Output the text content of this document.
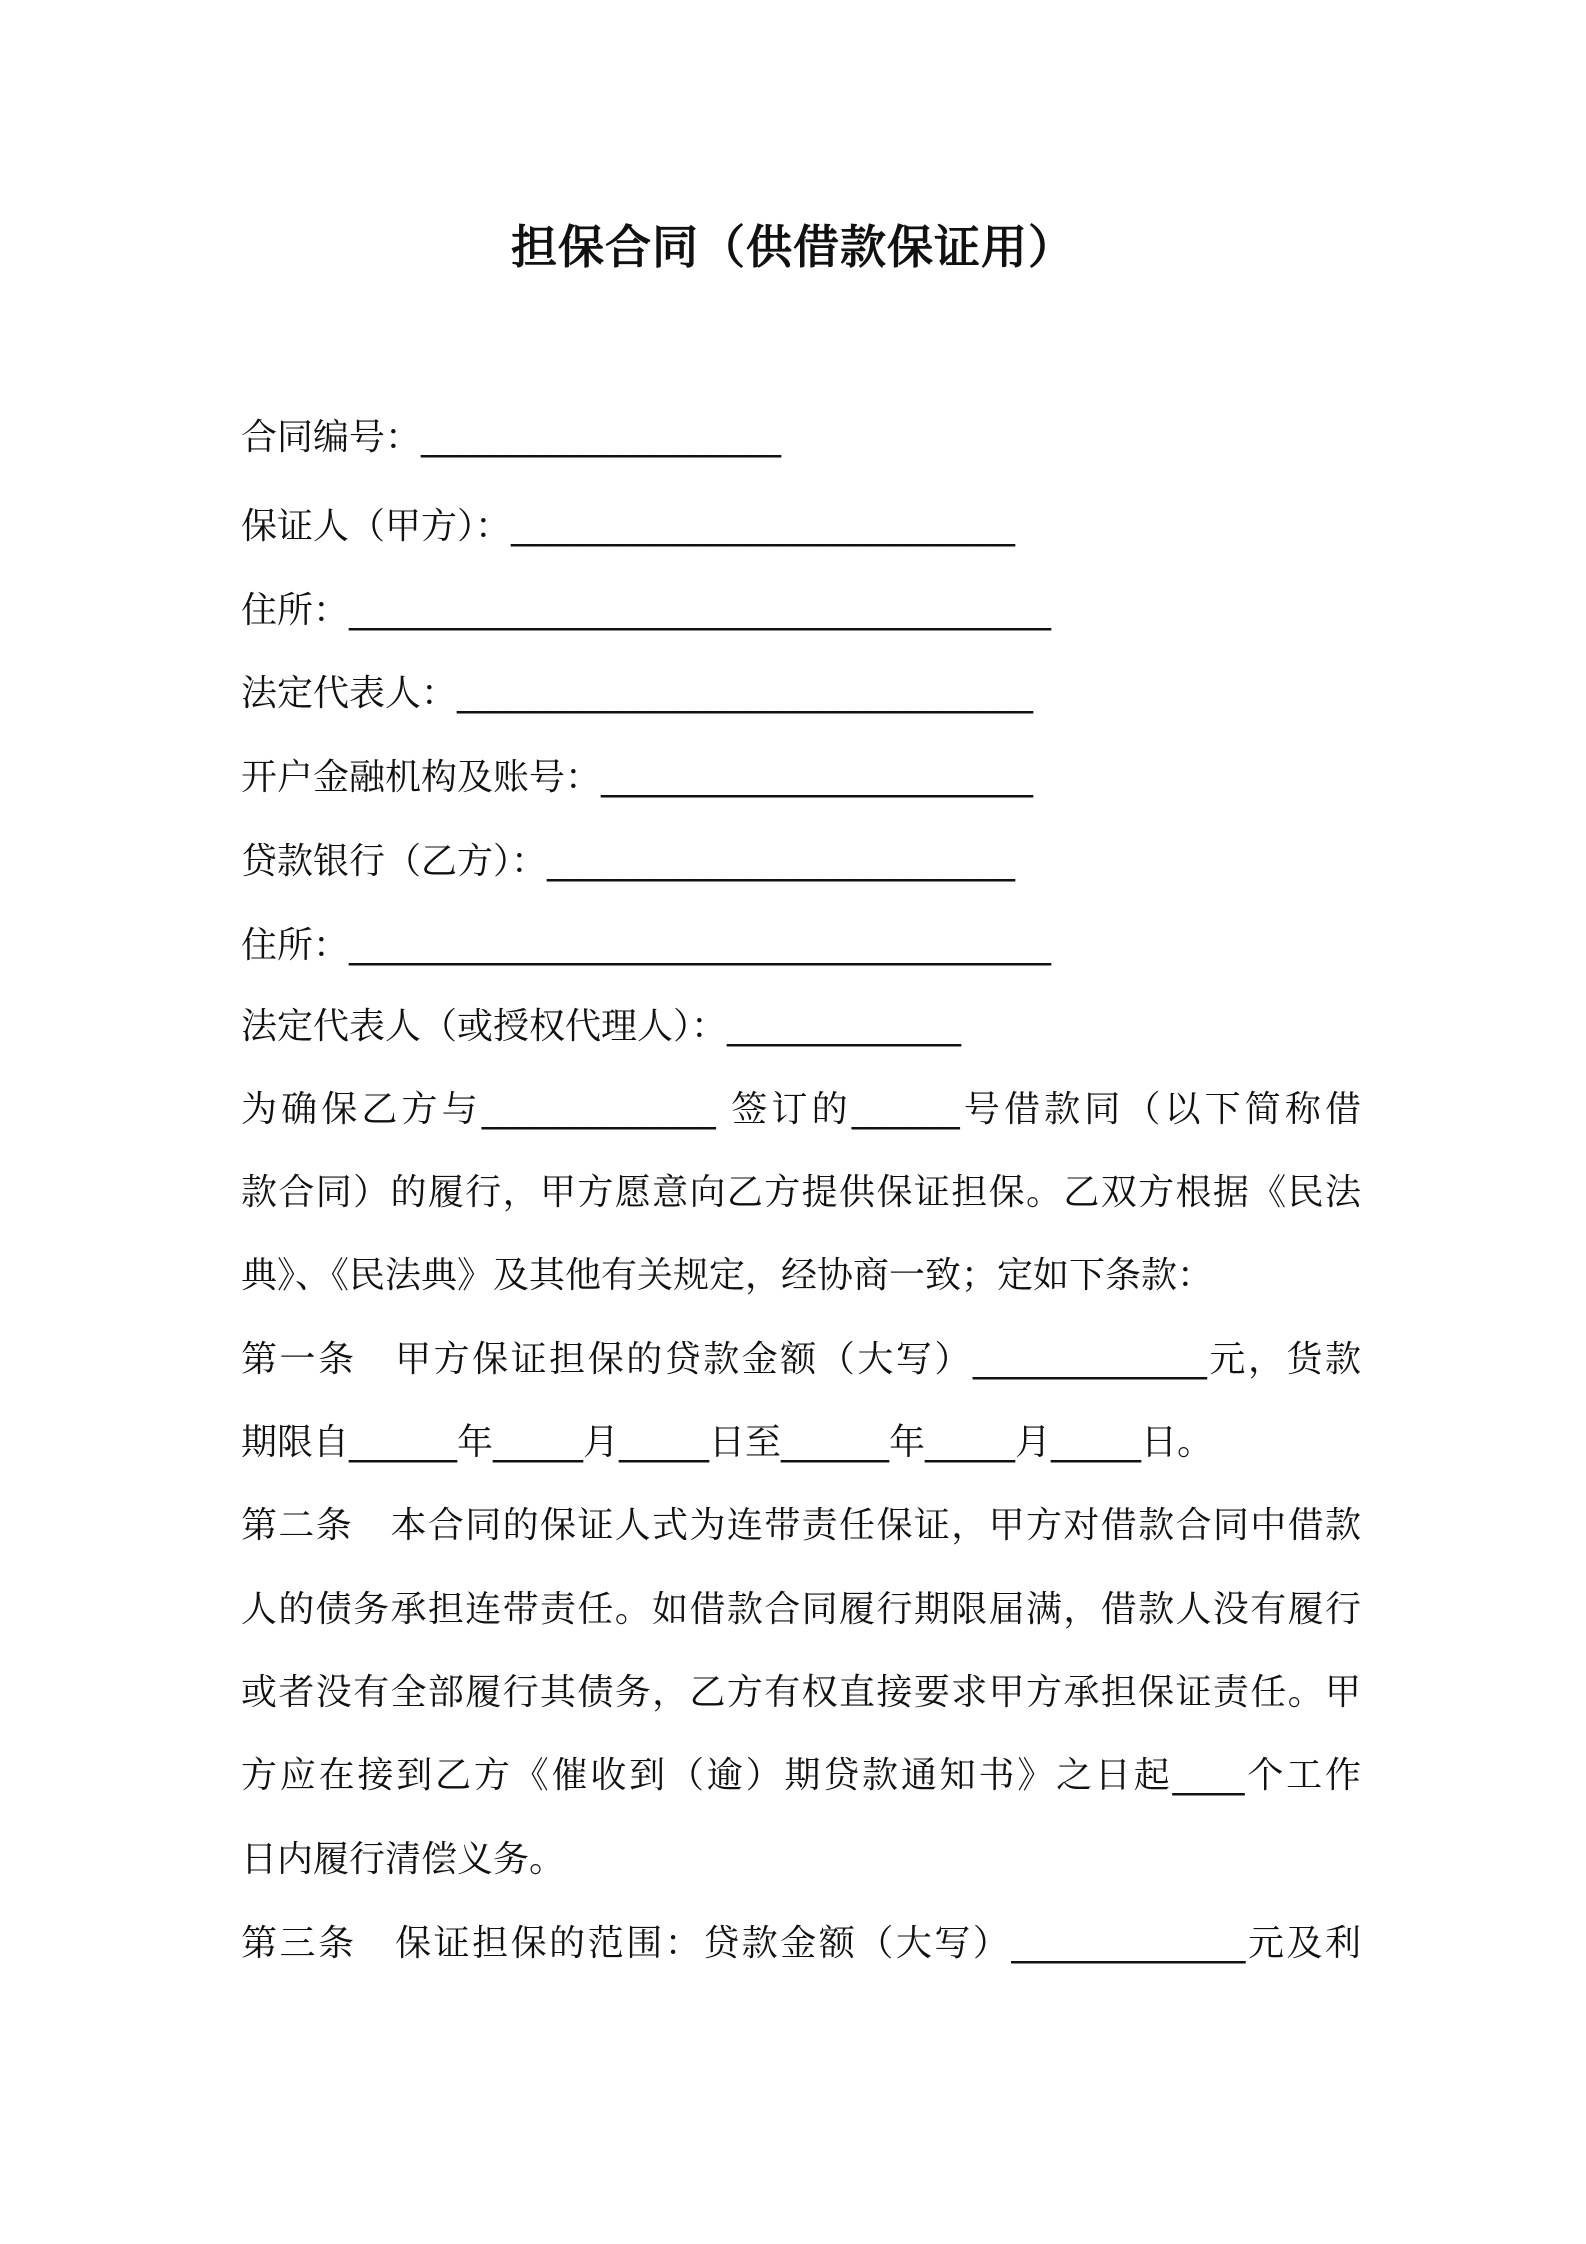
担保合同（供借款保证用）
合同编号：____________________
保证人（甲方）：____________________________
住所：_______________________________________
法定代表人：________________________________
开户金融机构及账号：________________________
贷款银行（乙方）：__________________________
住所：_______________________________________
法定代表人（或授权代理人）：_____________
为确保乙方与_____________ 签订的______号借款同（以下简称借
款合同）的履行，甲方愿意向乙方提供保证担保。乙双方根据《民法
典》、《民法典》及其他有关规定，经协商一致；定如下条款：
第一条　甲方保证担保的贷款金额（大写）_____________元，货款
期限自______年_____月_____日至______年_____月_____日。
第二条　本合同的保证人式为连带责任保证，甲方对借款合同中借款
人的债务承担连带责任。如借款合同履行期限届满，借款人没有履行
或者没有全部履行其债务，乙方有权直接要求甲方承担保证责任。甲
方应在接到乙方《催收到（逾）期贷款通知书》之日起____个工作
日内履行清偿义务。
第三条　保证担保的范围：贷款金额（大写）_____________元及利
